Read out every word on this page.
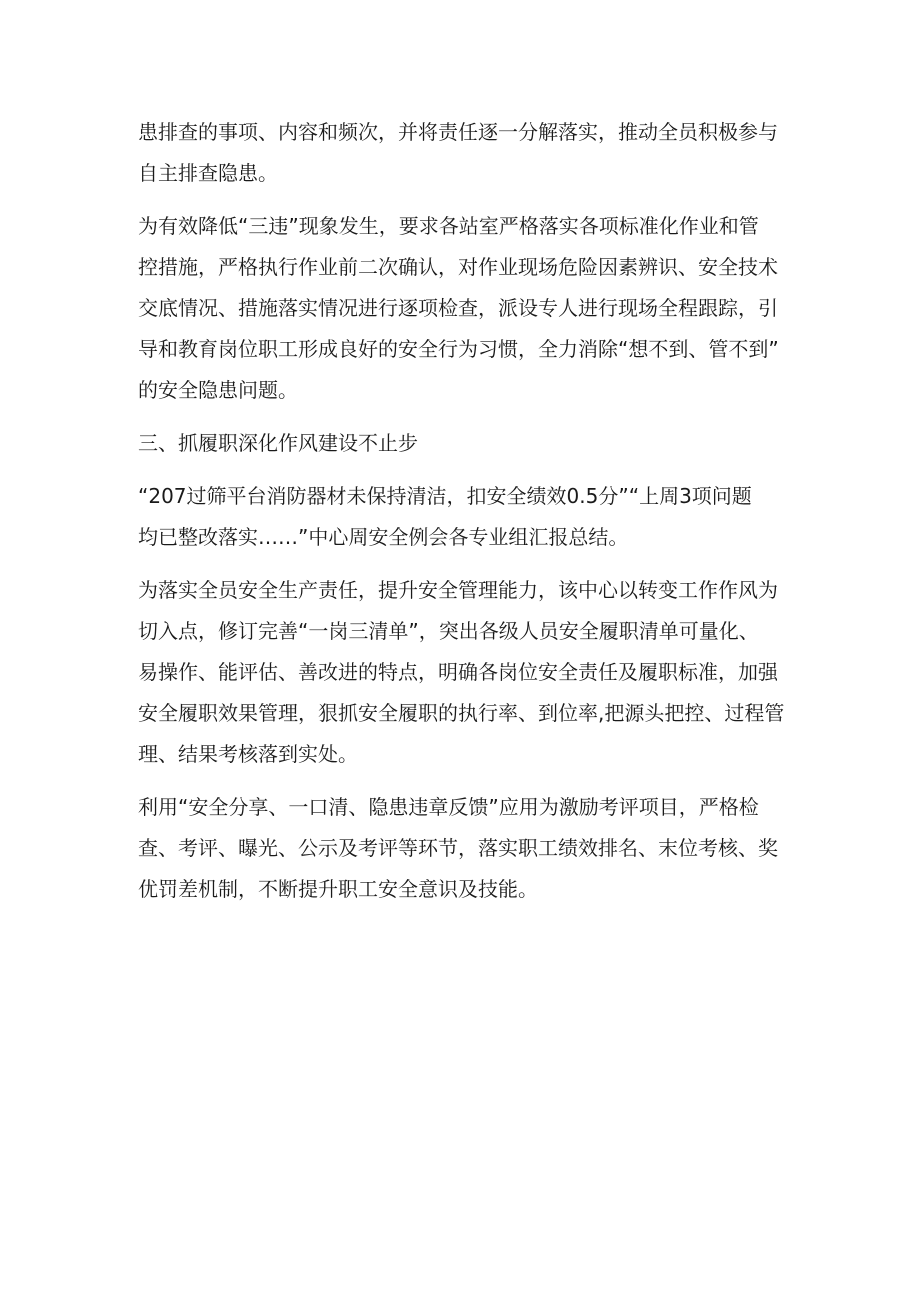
患排查的事项、内容和频次，并将责任逐一分解落实，推动全员积极参与
自主排查隐患。
为有效降低“三违”现象发生，要求各站室严格落实各项标准化作业和管
控措施，严格执行作业前二次确认，对作业现场危险因素辨识、安全技术
交底情况、措施落实情况进行逐项检查，派设专人进行现场全程跟踪，引
导和教育岗位职工形成良好的安全行为习惯，全力消除“想不到、管不到”
的安全隐患问题。
三、抓履职深化作风建设不止步
“207过筛平台消防器材未保持清洁，扣安全绩效0.5分”“上周3项问题
均已整改落实……”中心周安全例会各专业组汇报总结。
为落实全员安全生产责任，提升安全管理能力，该中心以转变工作作风为
切入点，修订完善“一岗三清单”，突出各级人员安全履职清单可量化、
易操作、能评估、善改进的特点，明确各岗位安全责任及履职标准，加强
安全履职效果管理，狠抓安全履职的执行率、到位率,把源头把控、过程管
理、结果考核落到实处。
利用“安全分享、一口清、隐患违章反馈”应用为激励考评项目，严格检
查、考评、曝光、公示及考评等环节，落实职工绩效排名、末位考核、奖
优罚差机制，不断提升职工安全意识及技能。
